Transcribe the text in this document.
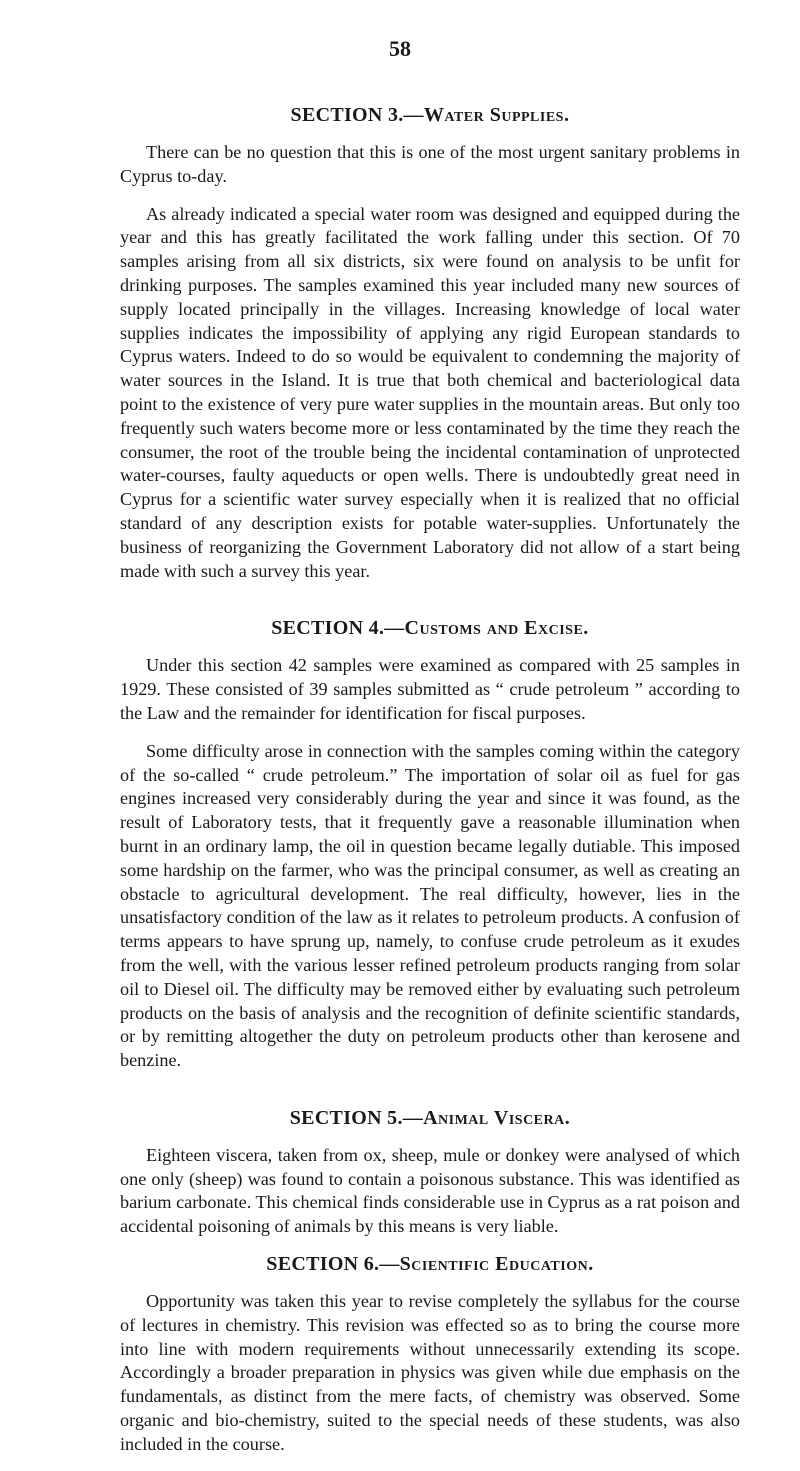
58
SECTION 3.—Water Supplies.

There can be no question that this is one of the most urgent sanitary problems in Cyprus to-day.

As already indicated a special water room was designed and equipped during the year and this has greatly facilitated the work falling under this section. Of 70 samples arising from all six districts, six were found on analysis to be unfit for drinking purposes. The samples examined this year included many new sources of supply located principally in the villages. Increasing knowledge of local water supplies indicates the impossibility of applying any rigid European standards to Cyprus waters. Indeed to do so would be equivalent to condemning the majority of water sources in the Island. It is true that both chemical and bacteriological data point to the existence of very pure water supplies in the mountain areas. But only too frequently such waters become more or less contaminated by the time they reach the consumer, the root of the trouble being the incidental contamination of unprotected water-courses, faulty aqueducts or open wells. There is undoubtedly great need in Cyprus for a scientific water survey especially when it is realized that no official standard of any description exists for potable water-supplies. Unfortunately the business of reorganizing the Government Laboratory did not allow of a start being made with such a survey this year.

SECTION 4.—Customs and Excise.

Under this section 42 samples were examined as compared with 25 samples in 1929. These consisted of 39 samples submitted as “ crude petroleum ” according to the Law and the remainder for identification for fiscal purposes.

Some difficulty arose in connection with the samples coming within the category of the so-called “ crude petroleum.” The importation of solar oil as fuel for gas engines increased very considerably during the year and since it was found, as the result of Laboratory tests, that it frequently gave a reasonable illumination when burnt in an ordinary lamp, the oil in question became legally dutiable. This imposed some hardship on the farmer, who was the principal consumer, as well as creating an obstacle to agricultural development. The real difficulty, however, lies in the unsatisfactory condition of the law as it relates to petroleum products. A confusion of terms appears to have sprung up, namely, to confuse crude petroleum as it exudes from the well, with the various lesser refined petroleum products ranging from solar oil to Diesel oil. The difficulty may be removed either by evaluating such petroleum products on the basis of analysis and the recognition of definite scientific standards, or by remitting altogether the duty on petroleum products other than kerosene and benzine.

SECTION 5.—Animal Viscera.

Eighteen viscera, taken from ox, sheep, mule or donkey were analysed of which one only (sheep) was found to contain a poisonous substance. This was identified as barium carbonate. This chemical finds considerable use in Cyprus as a rat poison and accidental poisoning of animals by this means is very liable.

SECTION 6.—Scientific Education.

Opportunity was taken this year to revise completely the syllabus for the course of lectures in chemistry. This revision was effected so as to bring the course more into line with modern requirements without unnecessarily extending its scope. Accordingly a broader preparation in physics was given while due emphasis on the fundamentals, as distinct from the mere facts, of chemistry was observed. Some organic and bio-chemistry, suited to the special needs of these students, was also included in the course.
